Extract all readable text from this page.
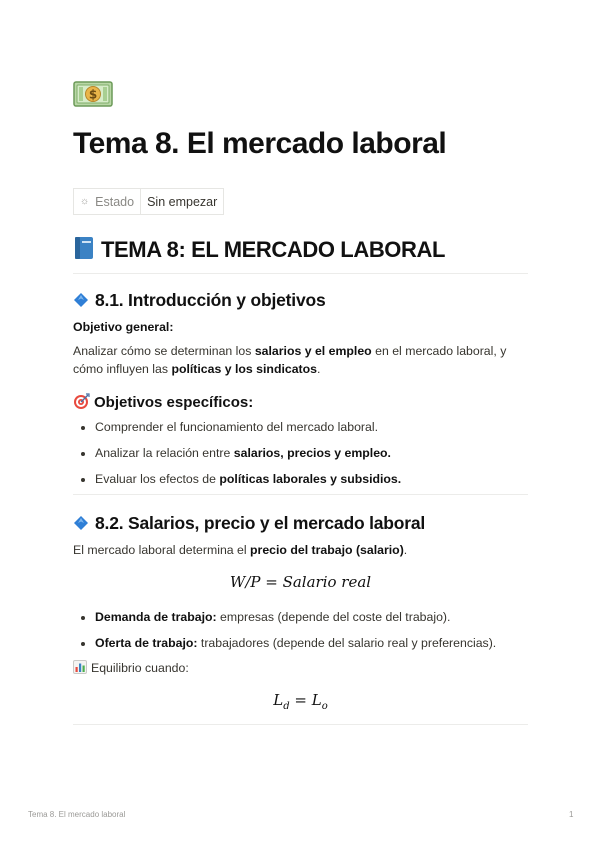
$
Tema 8. El mercado laboral
☼ Estado	Sin empezar
TEMA 8: EL MERCADO LABORAL
8.1. Introducción y objetivos

Objetivo general:

Analizar cómo se determinan los salarios y el empleo en el mercado laboral, y cómo influyen las políticas y los sindicatos.

Objetivos específicos:
• Comprender el funcionamiento del mercado laboral.
• Analizar la relación entre salarios, precios y empleo.
• Evaluar los efectos de políticas laborales y subsidios.
8.2. Salarios, precio y el mercado laboral

El mercado laboral determina el precio del trabajo (salario).

W/P = Salario real
• Demanda de trabajo: empresas (depende del coste del trabajo).
• Oferta de trabajo: trabajadores (depende del salario real y preferencias).

Equilibrio cuando:

$L_d = L_o$
Tema 8. El mercado laboral	1
